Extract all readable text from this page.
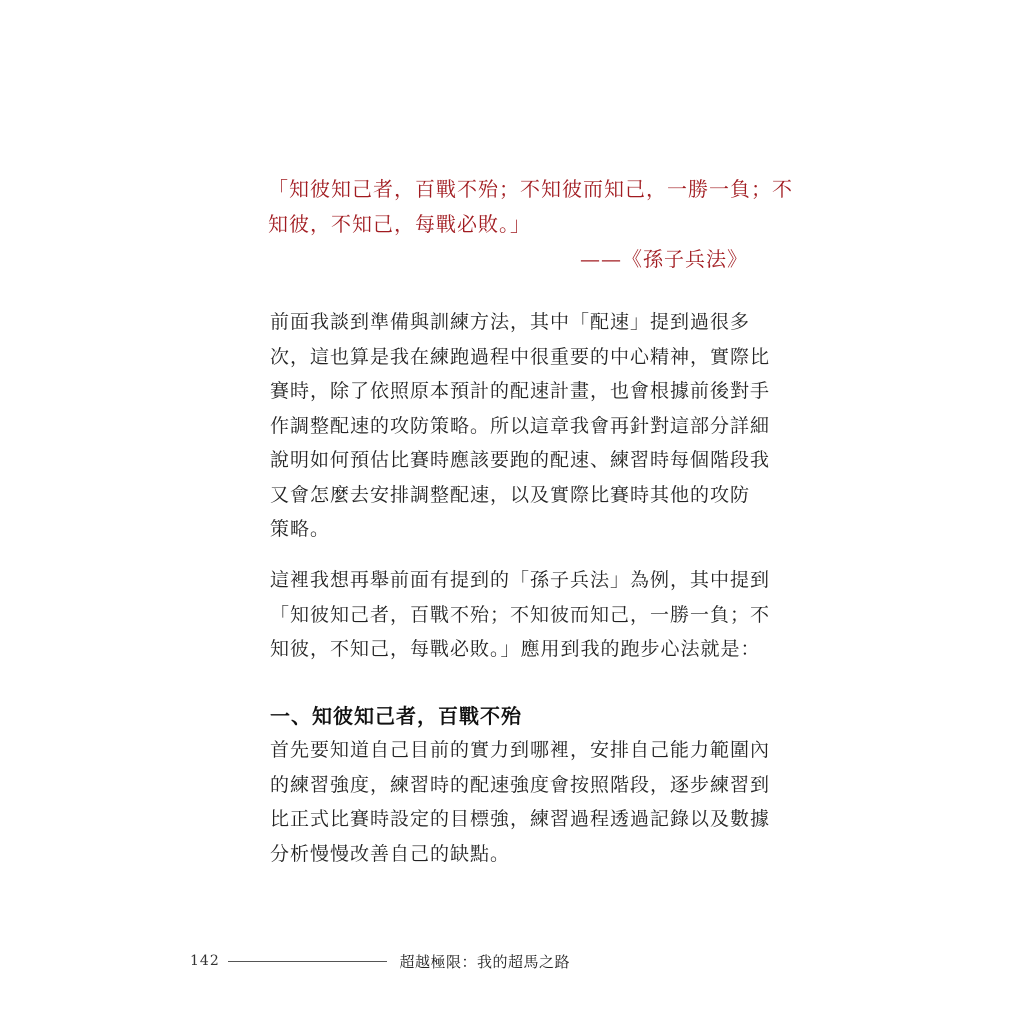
「知彼知己者，百戰不殆；不知彼而知己，一勝一負；不
知彼，不知己，每戰必敗。」
——《孫子兵法》
前面我談到準備與訓練方法，其中「配速」提到過很多
次，這也算是我在練跑過程中很重要的中心精神，實際比
賽時，除了依照原本預計的配速計畫，也會根據前後對手
作調整配速的攻防策略。所以這章我會再針對這部分詳細
說明如何預估比賽時應該要跑的配速、練習時每個階段我
又會怎麼去安排調整配速，以及實際比賽時其他的攻防
策略。
這裡我想再舉前面有提到的「孫子兵法」為例，其中提到
「知彼知己者，百戰不殆；不知彼而知己，一勝一負；不
知彼，不知己，每戰必敗。」應用到我的跑步心法就是：
一、知彼知己者，百戰不殆
首先要知道自己目前的實力到哪裡，安排自己能力範圍內
的練習強度，練習時的配速強度會按照階段，逐步練習到
比正式比賽時設定的目標強，練習過程透過記錄以及數據
分析慢慢改善自己的缺點。
142	超越極限：我的超馬之路
